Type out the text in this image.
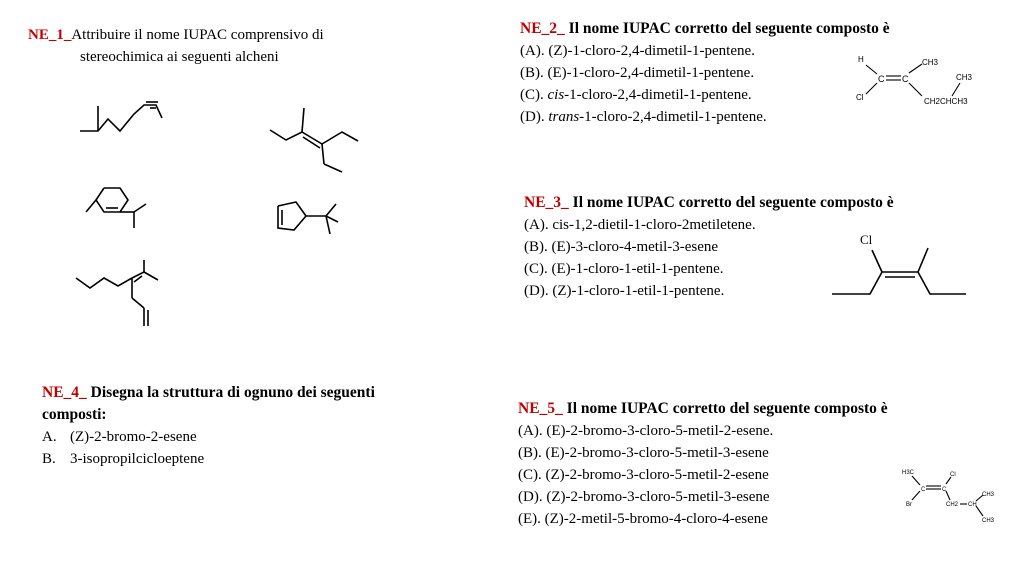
NE_1_Attribuire il nome IUPAC comprensivo di
stereochimica ai seguenti alcheni
NE_2_ Il nome IUPAC corretto del seguente composto è
(A). (Z)-1-cloro-2,4-dimetil-1-pentene.
(B). (E)-1-cloro-2,4-dimetil-1-pentene.
(C). cis-1-cloro-2,4-dimetil-1-pentene.
(D). trans-1-cloro-2,4-dimetil-1-pentene.
H
Cl
C C
CH3
CH3
CH2CHCH3
NE_3_ Il nome IUPAC corretto del seguente composto è
(A). cis-1,2-dietil-1-cloro-2metiletene.
(B). (E)-3-cloro-4-metil-3-esene
(C). (E)-1-cloro-1-etil-1-pentene.
(D). (Z)-1-cloro-1-etil-1-pentene.
Cl
NE_4_ Disegna la struttura di ognuno dei seguenti
composti:
A. (Z)-2-bromo-2-esene
B. 3-isopropilcicloeptene
NE_5_ Il nome IUPAC corretto del seguente composto è
(A). (E)-2-bromo-3-cloro-5-metil-2-esene.
(B). (E)-2-bromo-3-cloro-5-metil-3-esene
(C). (Z)-2-bromo-3-cloro-5-metil-2-esene
(D). (Z)-2-bromo-3-cloro-5-metil-3-esene
(E). (Z)-2-metil-5-bromo-4-cloro-4-esene
H3C
Br
Cl
C	C
CH2 CH
CH3
CH3
